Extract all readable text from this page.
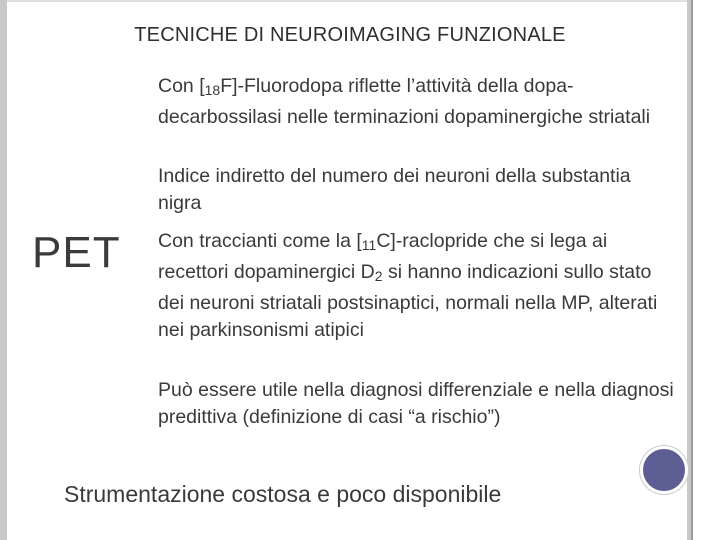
TECNICHE DI NEUROIMAGING FUNZIONALE
PET

Con $[_{18}F]$-Fluorodopa riflette l’attività della dopa-decarbossilasi nelle terminazioni dopaminergiche striatali

Indice indiretto del numero dei neuroni della substantia nigra

Con traccianti come la $[_{11}C]$-raclopride che si lega ai recettori dopaminergici $D_2$ si hanno indicazioni sullo stato dei neuroni striatali postsinaptici, normali nella MP, alterati nei parkinsonismi atipici

Può essere utile nella diagnosi differenziale e nella diagnosi predittiva (definizione di casi “a rischio”)

Strumentazione costosa e poco disponibile
